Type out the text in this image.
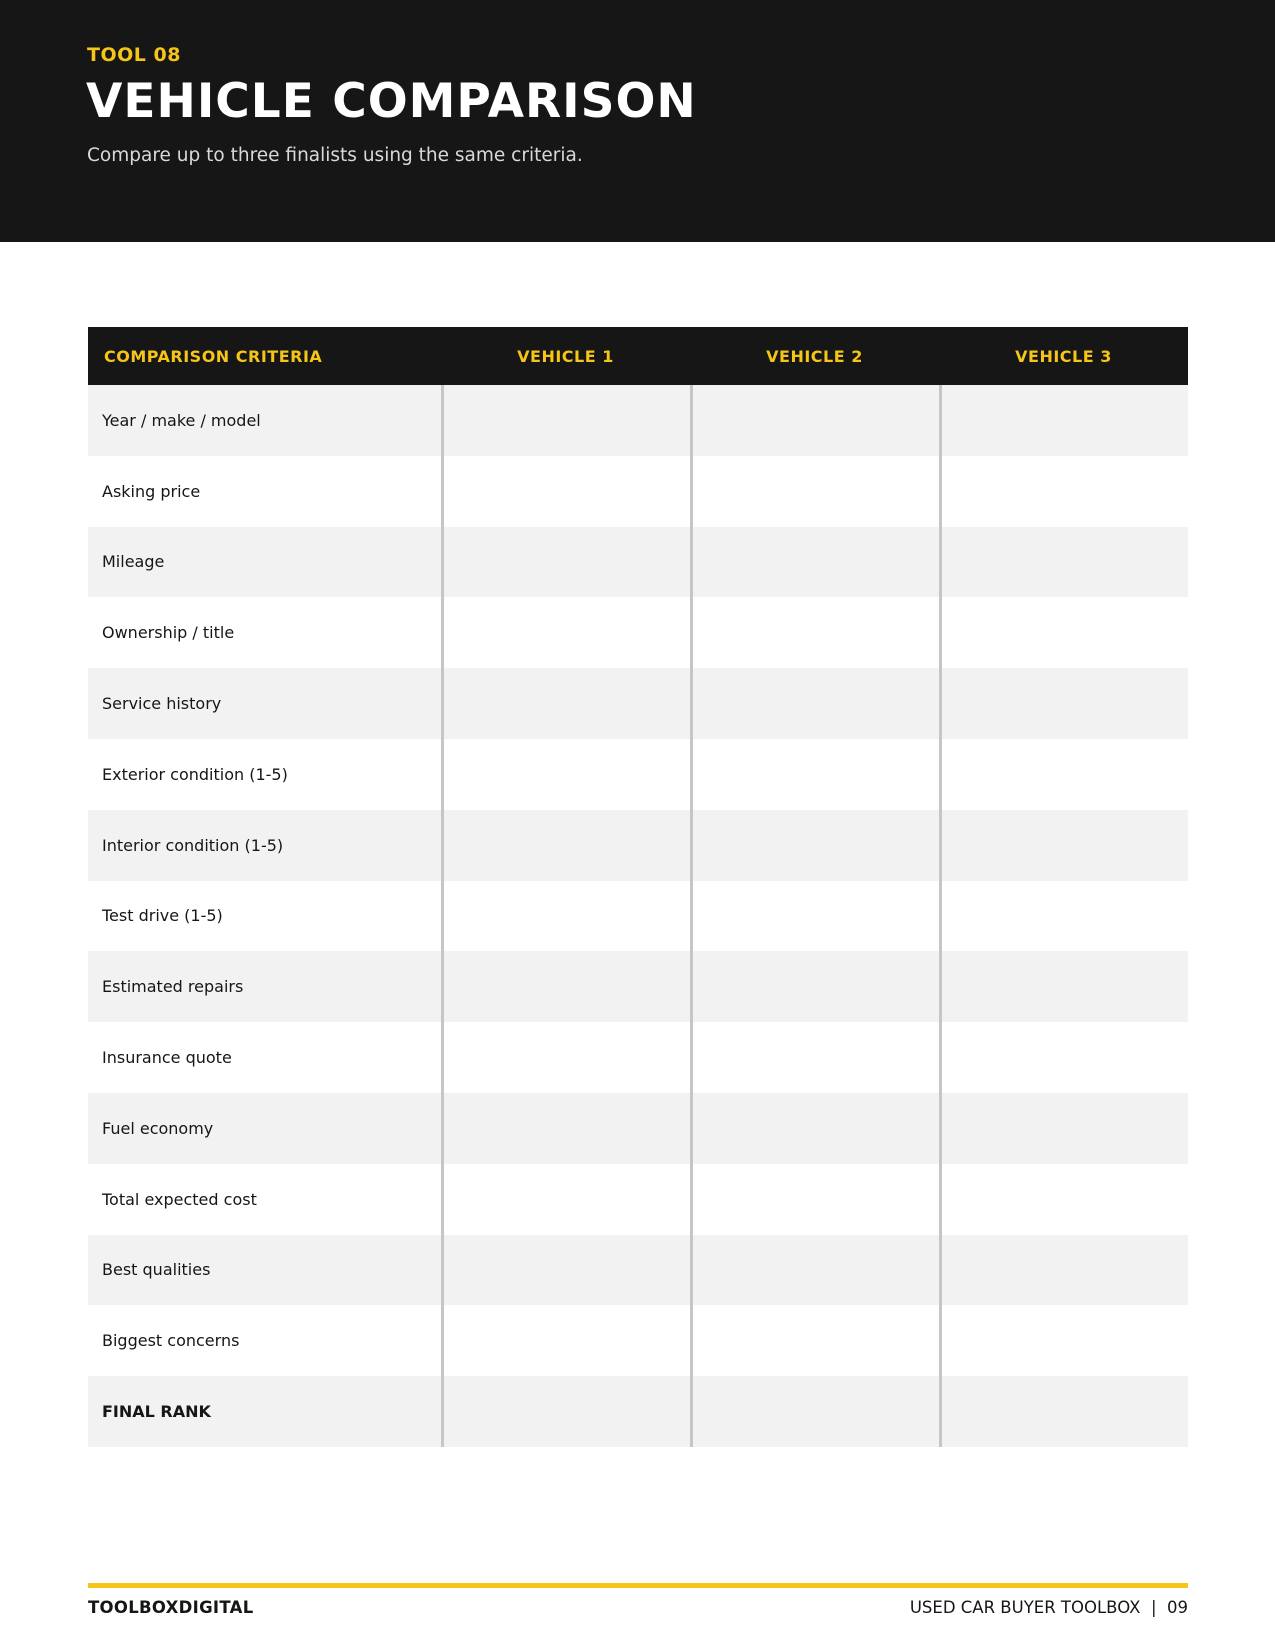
TOOL 08
VEHICLE COMPARISON
Compare up to three finalists using the same criteria.
COMPARISON CRITERIA	VEHICLE 1	VEHICLE 2	VEHICLE 3
Year / make / model
Asking price
Mileage
Ownership / title
Service history
Exterior condition (1-5)
Interior condition (1-5)
Test drive (1-5)
Estimated repairs
Insurance quote
Fuel economy
Total expected cost
Best qualities
Biggest concerns
FINAL RANK
TOOLBOXDIGITAL	USED CAR BUYER TOOLBOX | 09
